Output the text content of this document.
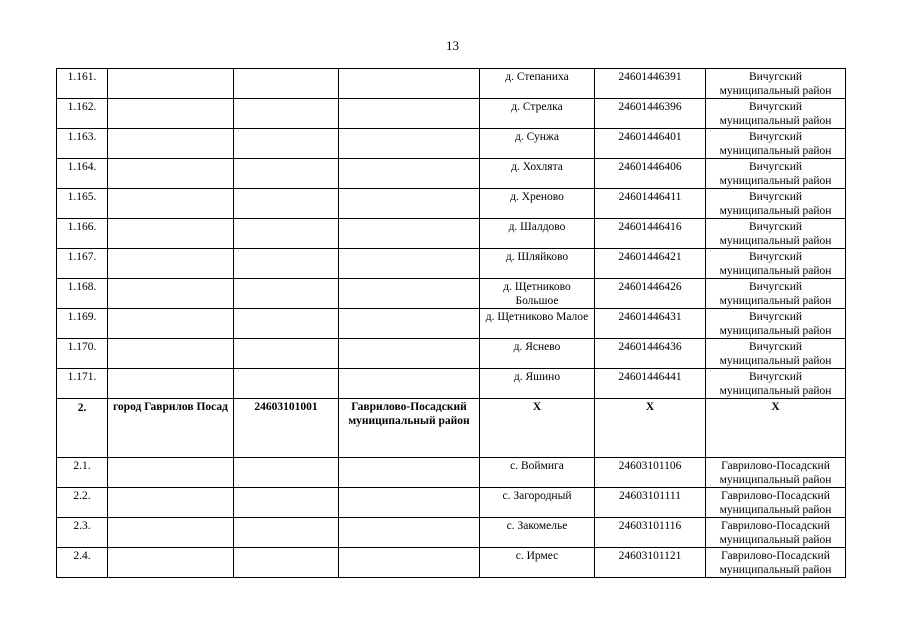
13
1.161.				д. Степаниха	24601446391	Вичугский муниципальный район
1.162.				д. Стрелка	24601446396	Вичугский муниципальный район
1.163.				д. Сунжа	24601446401	Вичугский муниципальный район
1.164.				д. Хохлята	24601446406	Вичугский муниципальный район
1.165.				д. Хреново	24601446411	Вичугский муниципальный район
1.166.				д. Шалдово	24601446416	Вичугский муниципальный район
1.167.				д. Шляйково	24601446421	Вичугский муниципальный район
1.168.				д. Щетниково Большое	24601446426	Вичугский муниципальный район
1.169.				д. Щетниково Малое	24601446431	Вичугский муниципальный район
1.170.				д. Яснево	24601446436	Вичугский муниципальный район
1.171.				д. Яшино	24601446441	Вичугский муниципальный район
2.	город Гаврилов Посад	24603101001	Гаврилово-Посадский муниципальный район	X	X	X
2.1.				с. Воймига	24603101106	Гаврилово-Посадский муниципальный район
2.2.				с. Загородный	24603101111	Гаврилово-Посадский муниципальный район
2.3.				с. Закомелье	24603101116	Гаврилово-Посадский муниципальный район
2.4.				с. Ирмес	24603101121	Гаврилово-Посадский муниципальный район
